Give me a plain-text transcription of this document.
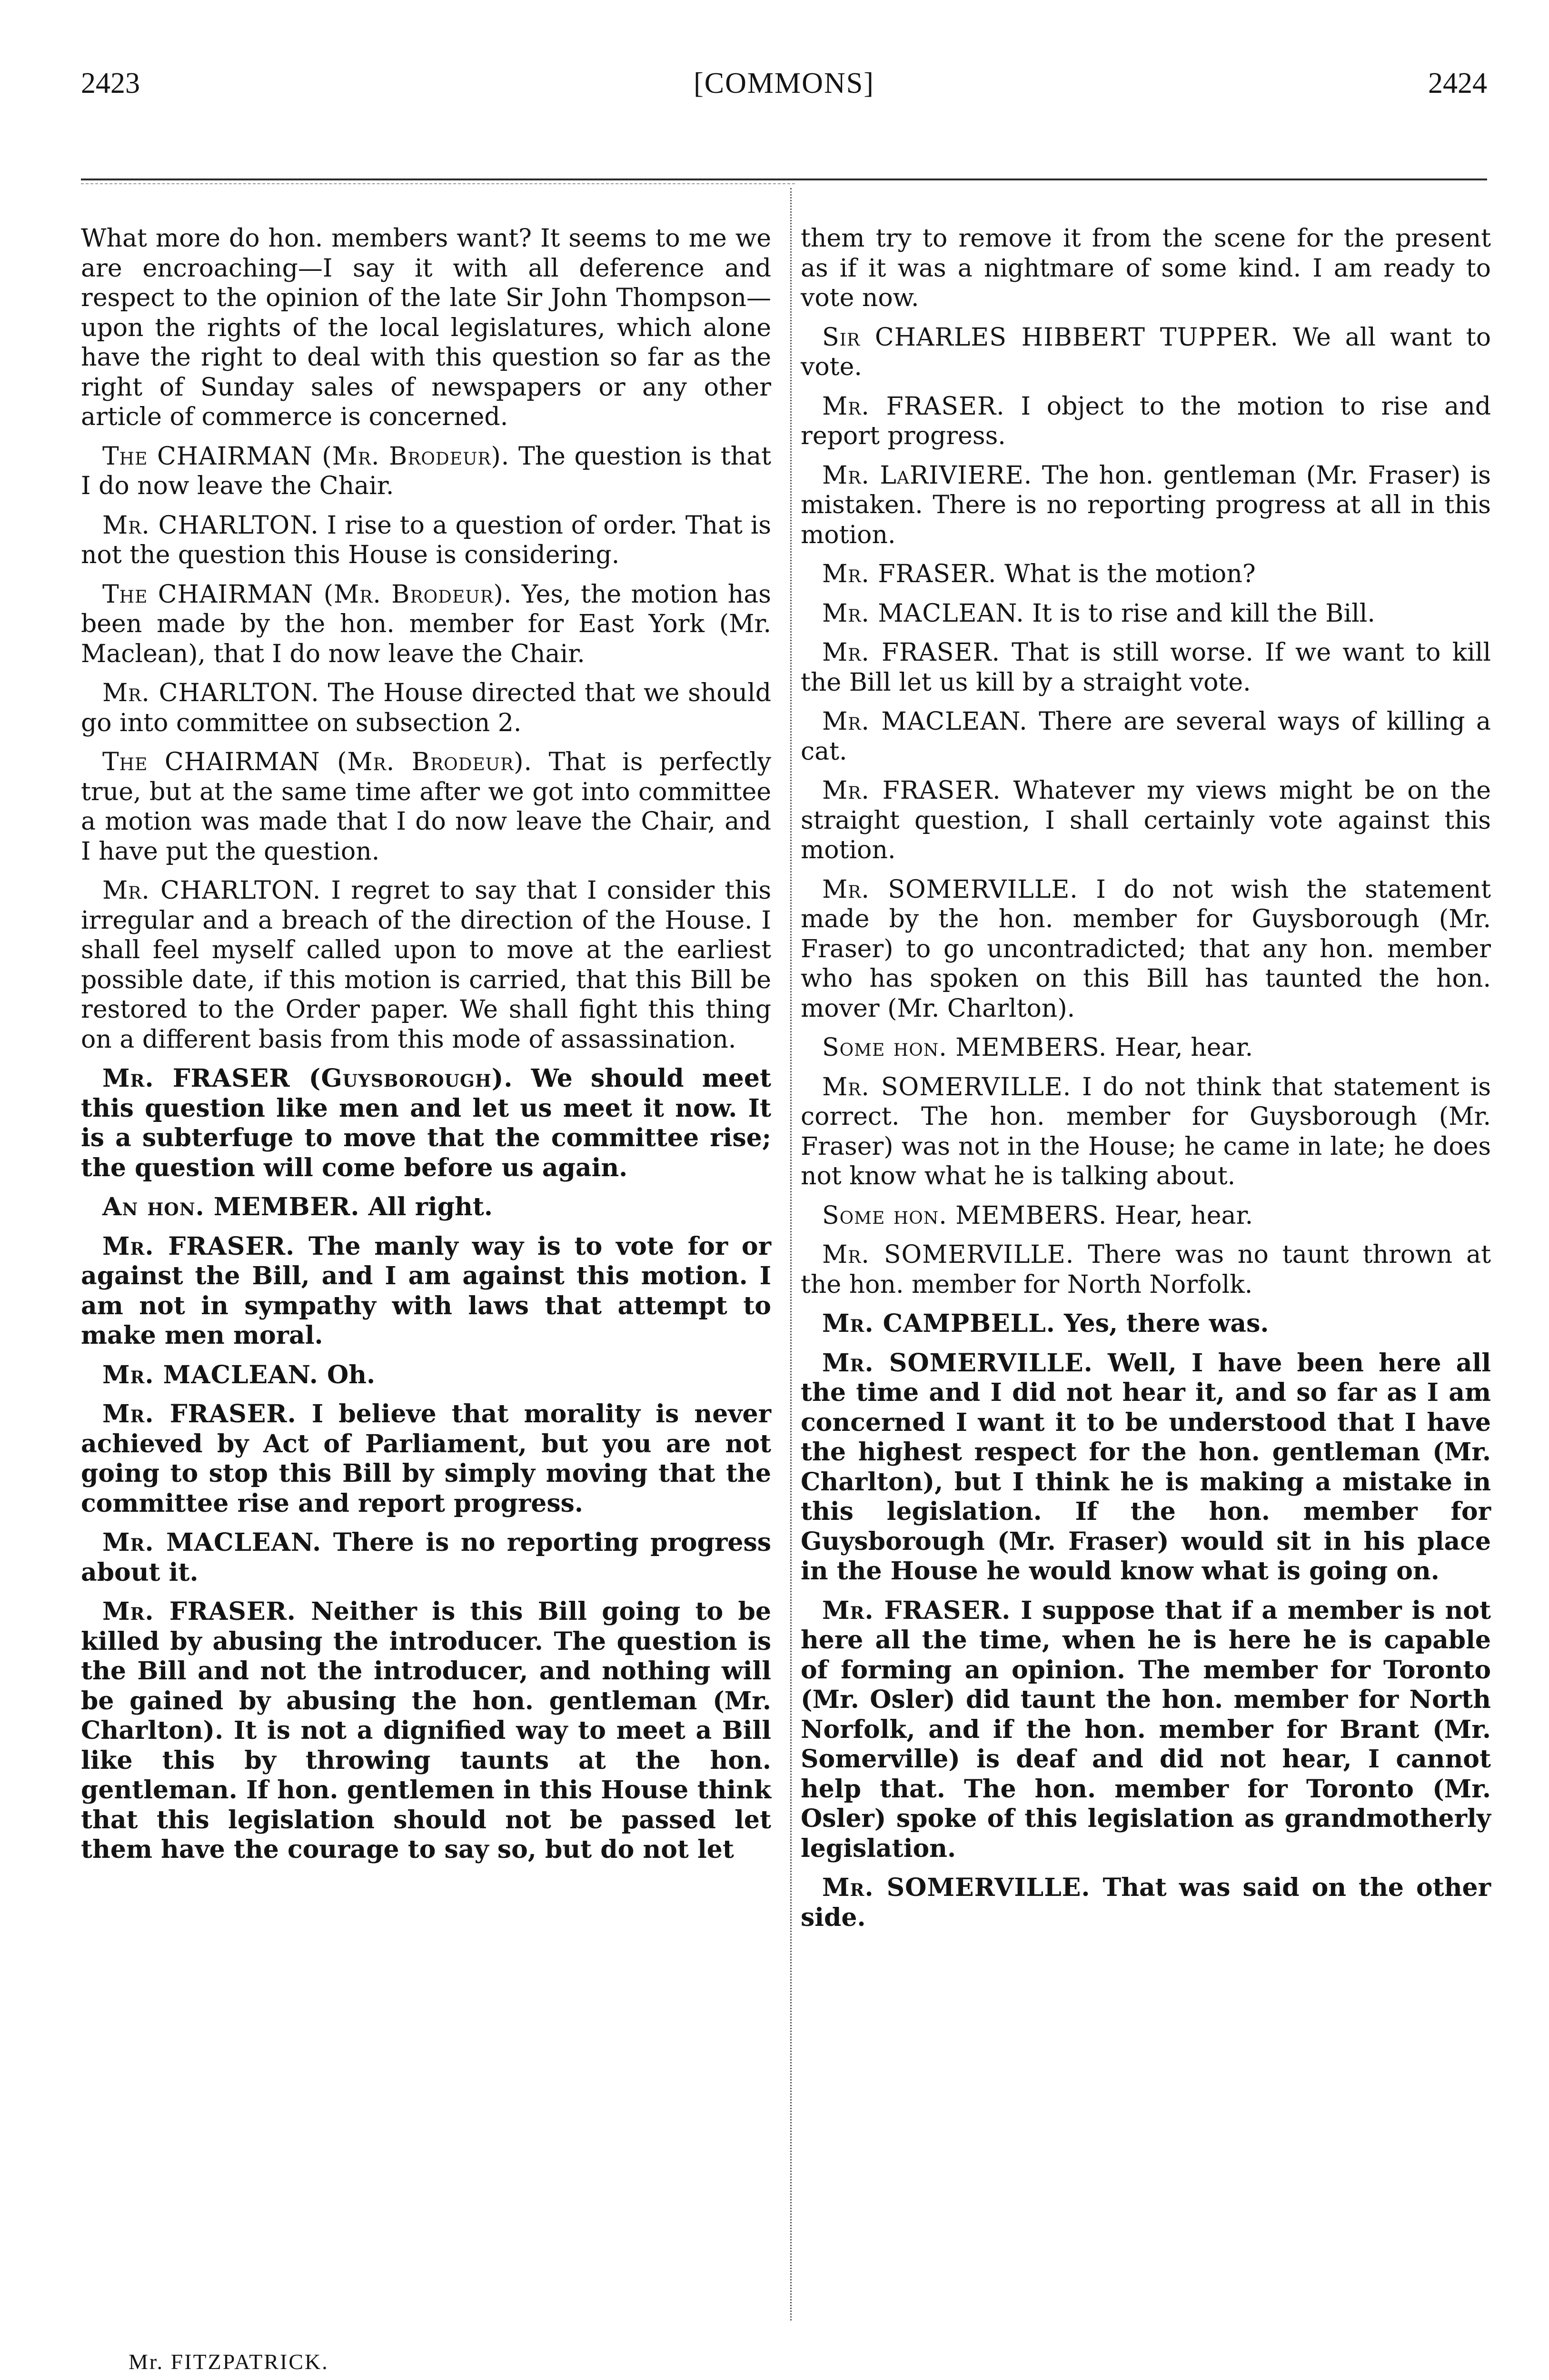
2423	[COMMONS]	2424

What more do hon. members want? It seems to me we are encroaching—I say it with all deference and respect to the opinion of the late Sir John Thompson—upon the rights of the local legislatures, which alone have the right to deal with this question so far as the right of Sunday sales of newspapers or any other article of commerce is concerned.

The CHAIRMAN (Mr. Brodeur). The question is that I do now leave the Chair.

Mr. CHARLTON. I rise to a question of order. That is not the question this House is considering.

The CHAIRMAN (Mr. Brodeur). Yes, the motion has been made by the hon. member for East York (Mr. Maclean), that I do now leave the Chair.

Mr. CHARLTON. The House directed that we should go into committee on subsection 2.

The CHAIRMAN (Mr. Brodeur). That is perfectly true, but at the same time after we got into committee a motion was made that I do now leave the Chair, and I have put the question.

Mr. CHARLTON. I regret to say that I consider this irregular and a breach of the direction of the House. I shall feel myself called upon to move at the earliest possible date, if this motion is carried, that this Bill be restored to the Order paper. We shall fight this thing on a different basis from this mode of assassination.

Mr. FRASER (Guysborough). We should meet this question like men and let us meet it now. It is a subterfuge to move that the committee rise; the question will come before us again.

An hon. MEMBER. All right.

Mr. FRASER. The manly way is to vote for or against the Bill, and I am against this motion. I am not in sympathy with laws that attempt to make men moral.

Mr. MACLEAN. Oh.

Mr. FRASER. I believe that morality is never achieved by Act of Parliament, but you are not going to stop this Bill by simply moving that the committee rise and report progress.

Mr. MACLEAN. There is no reporting progress about it.

Mr. FRASER. Neither is this Bill going to be killed by abusing the introducer. The question is the Bill and not the introducer, and nothing will be gained by abusing the hon. gentleman (Mr. Charlton). It is not a dignified way to meet a Bill like this by throwing taunts at the hon. gentleman. If hon. gentlemen in this House think that this legislation should not be passed let them have the courage to say so, but do not let

them try to remove it from the scene for the present as if it was a nightmare of some kind. I am ready to vote now.

Sir CHARLES HIBBERT TUPPER. We all want to vote.

Mr. FRASER. I object to the motion to rise and report progress.

Mr. LaRIVIERE. The hon. gentleman (Mr. Fraser) is mistaken. There is no reporting progress at all in this motion.

Mr. FRASER. What is the motion?

Mr. MACLEAN. It is to rise and kill the Bill.

Mr. FRASER. That is still worse. If we want to kill the Bill let us kill by a straight vote.

Mr. MACLEAN. There are several ways of killing a cat.

Mr. FRASER. Whatever my views might be on the straight question, I shall certainly vote against this motion.

Mr. SOMERVILLE. I do not wish the statement made by the hon. member for Guysborough (Mr. Fraser) to go uncontradicted; that any hon. member who has spoken on this Bill has taunted the hon. mover (Mr. Charlton).

Some hon. MEMBERS. Hear, hear.

Mr. SOMERVILLE. I do not think that statement is correct. The hon. member for Guysborough (Mr. Fraser) was not in the House; he came in late; he does not know what he is talking about.

Some hon. MEMBERS. Hear, hear.

Mr. SOMERVILLE. There was no taunt thrown at the hon. member for North Norfolk.

Mr. CAMPBELL. Yes, there was.

Mr. SOMERVILLE. Well, I have been here all the time and I did not hear it, and so far as I am concerned I want it to be understood that I have the highest respect for the hon. gentleman (Mr. Charlton), but I think he is making a mistake in this legislation. If the hon. member for Guysborough (Mr. Fraser) would sit in his place in the House he would know what is going on.

Mr. FRASER. I suppose that if a member is not here all the time, when he is here he is capable of forming an opinion. The member for Toronto (Mr. Osler) did taunt the hon. member for North Norfolk, and if the hon. member for Brant (Mr. Somerville) is deaf and did not hear, I cannot help that. The hon. member for Toronto (Mr. Osler) spoke of this legislation as grandmotherly legislation.

Mr. SOMERVILLE. That was said on the other side.

Mr. FITZPATRICK.
